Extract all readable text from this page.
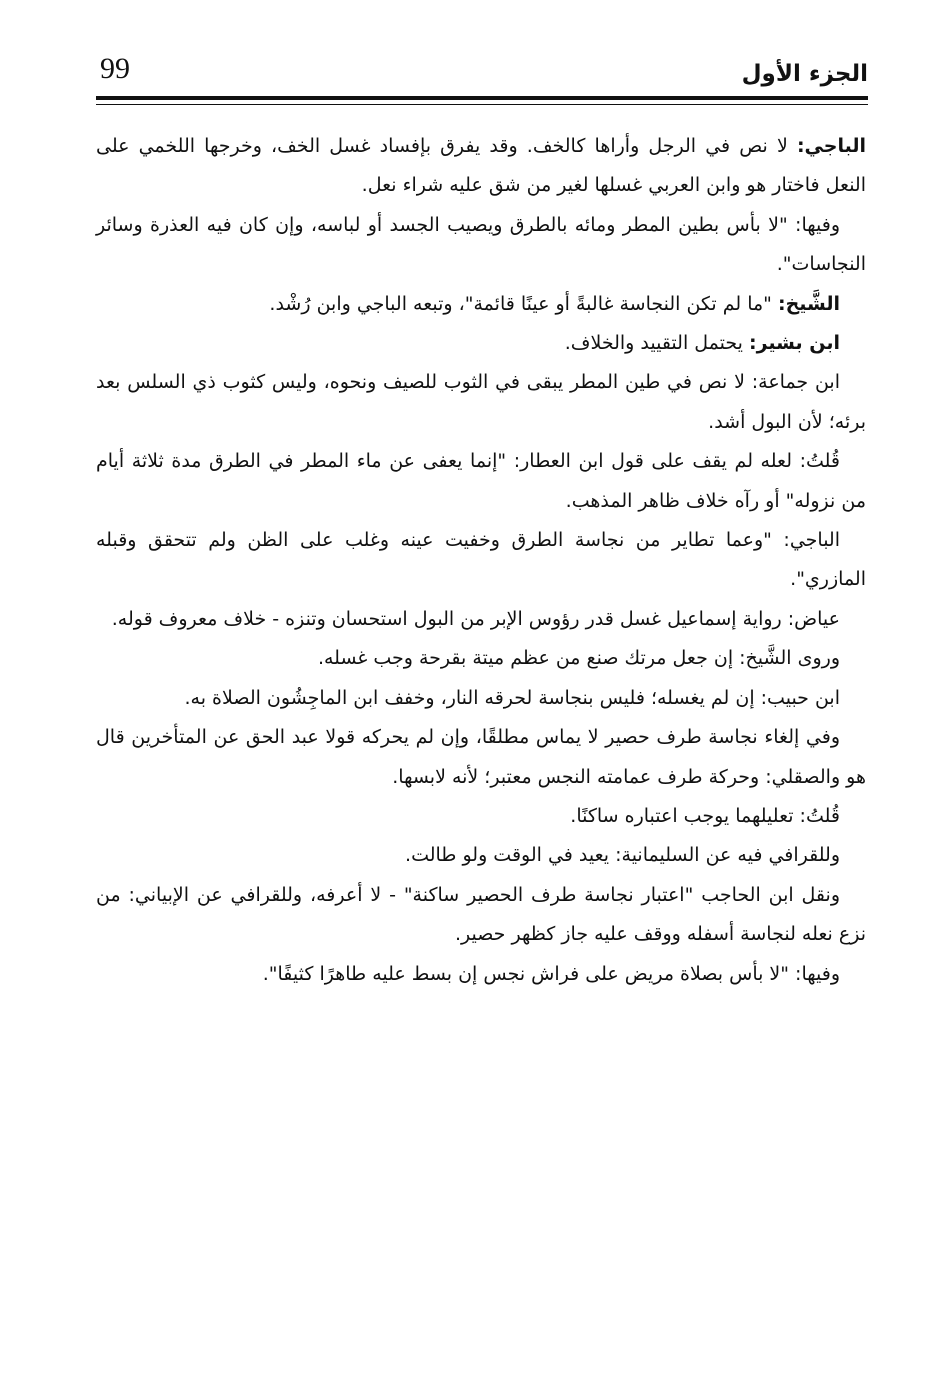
99	الجزء الأول

الباجي: لا نص في الرجل وأراها كالخف. وقد يفرق بإفساد غسل الخف، وخرجها اللخمي على النعل فاختار هو وابن العربي غسلها لغير من شق عليه شراء نعل.

وفيها: "لا بأس بطين المطر ومائه بالطرق ويصيب الجسد أو لباسه، وإن كان فيه العذرة وسائر النجاسات".

الشَّيخ: "ما لم تكن النجاسة غالبةً أو عينًا قائمة"، وتبعه الباجي وابن رُشْد.

ابن بشير: يحتمل التقييد والخلاف.

ابن جماعة: لا نص في طين المطر يبقى في الثوب للصيف ونحوه، وليس كثوب ذي السلس بعد برئه؛ لأن البول أشد.

قُلتُ: لعله لم يقف على قول ابن العطار: "إنما يعفى عن ماء المطر في الطرق مدة ثلاثة أيام من نزوله" أو رآه خلاف ظاهر المذهب.

الباجي: "وعما تطاير من نجاسة الطرق وخفيت عينه وغلب على الظن ولم تتحقق وقبله المازري".

عياض: رواية إسماعيل غسل قدر رؤوس الإبر من البول استحسان وتنزه - خلاف معروف قوله.

وروى الشَّيخ: إن جعل مرتك صنع من عظم ميتة بقرحة وجب غسله.

ابن حبيب: إن لم يغسله؛ فليس بنجاسة لحرقه النار، وخفف ابن الماجِشُون الصلاة به.

وفي إلغاء نجاسة طرف حصير لا يماس مطلقًا، وإن لم يحركه قولا عبد الحق عن المتأخرين قال هو والصقلي: وحركة طرف عمامته النجس معتبر؛ لأنه لابسها.

قُلتُ: تعليلهما يوجب اعتباره ساكنًا.

وللقرافي فيه عن السليمانية: يعيد في الوقت ولو طالت.

ونقل ابن الحاجب "اعتبار نجاسة طرف الحصير ساكنة" - لا أعرفه، وللقرافي عن الإبياني: من نزع نعله لنجاسة أسفله ووقف عليه جاز كظهر حصير.

وفيها: "لا بأس بصلاة مريض على فراش نجس إن بسط عليه طاهرًا كثيفًا".
